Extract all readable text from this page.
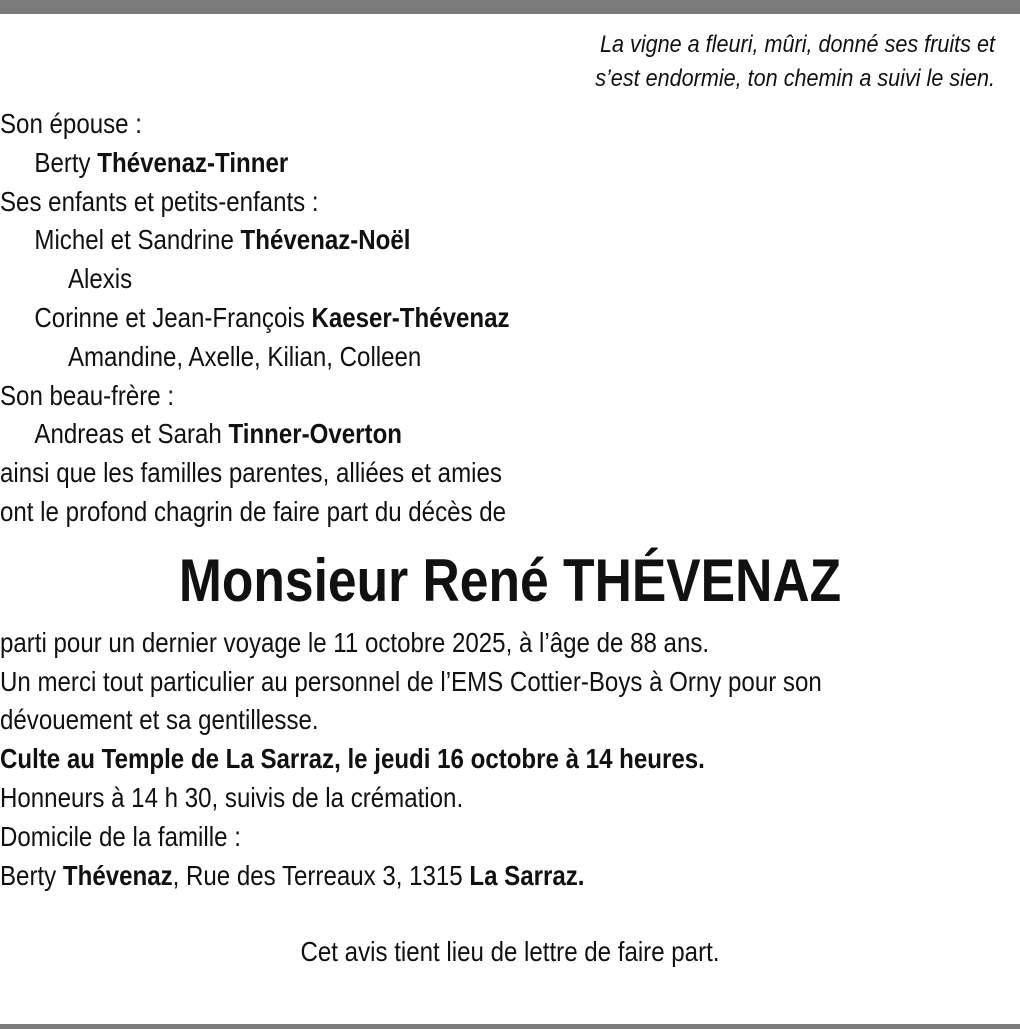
La vigne a fleuri, mûri, donné ses fruits et
s’est endormie, ton chemin a suivi le sien.
Son épouse :
Berty Thévenaz-Tinner
Ses enfants et petits-enfants :
Michel et Sandrine Thévenaz-Noël
Alexis
Corinne et Jean-François Kaeser-Thévenaz
Amandine, Axelle, Kilian, Colleen
Son beau-frère :
Andreas et Sarah Tinner-Overton
ainsi que les familles parentes, alliées et amies
ont le profond chagrin de faire part du décès de
Monsieur René THÉVENAZ
parti pour un dernier voyage le 11 octobre 2025, à l’âge de 88 ans.
Un merci tout particulier au personnel de l’EMS Cottier-Boys à Orny pour son
dévouement et sa gentillesse.
Culte au Temple de La Sarraz, le jeudi 16 octobre à 14 heures.
Honneurs à 14 h 30, suivis de la crémation.
Domicile de la famille :
Berty Thévenaz, Rue des Terreaux 3, 1315 La Sarraz.
Cet avis tient lieu de lettre de faire part.
